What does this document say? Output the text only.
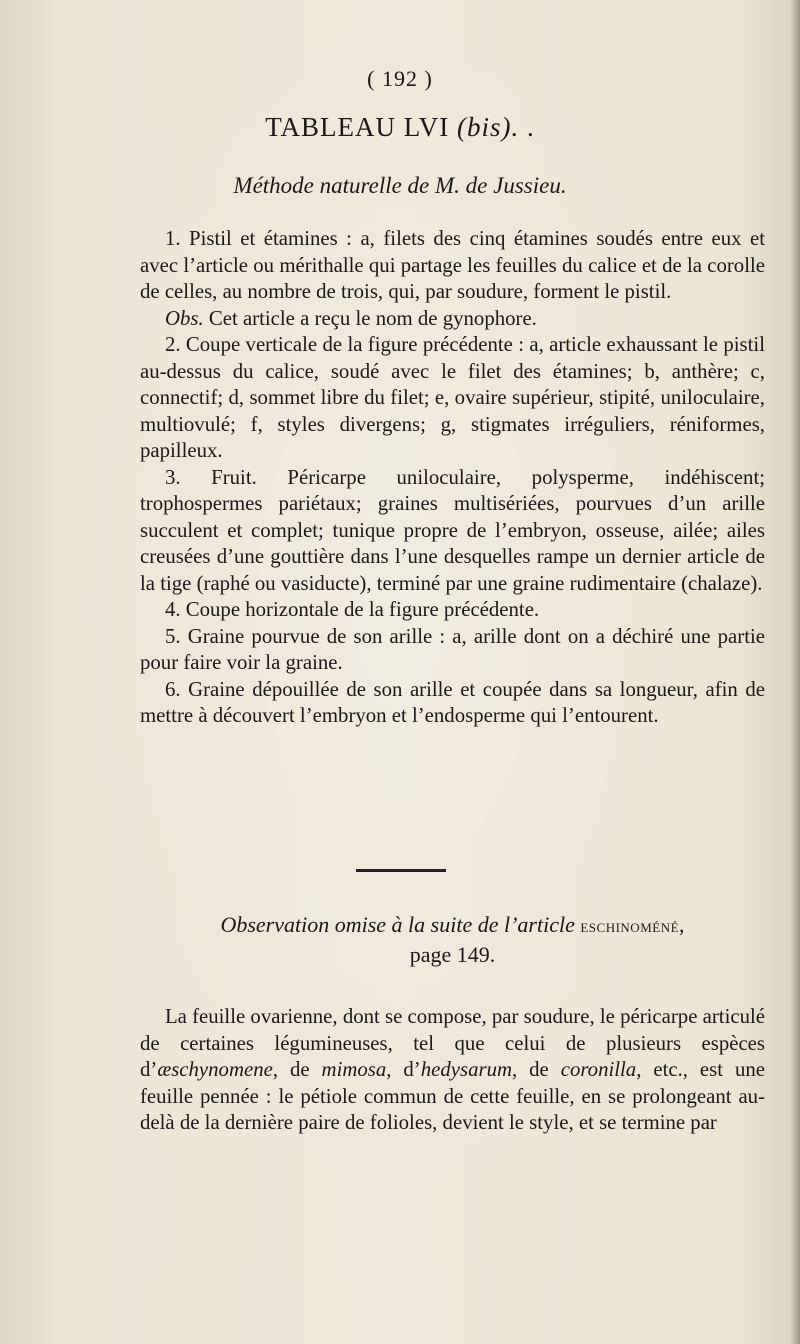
( 192 )
TABLEAU LVI (bis). .
Méthode naturelle de M. de Jussieu.

1. Pistil et étamines : a, filets des cinq étamines soudés entre eux et avec l’article ou mérithalle qui partage les feuilles du calice et de la corolle de celles, au nombre de trois, qui, par soudure, forment le pistil.

Obs. Cet article a reçu le nom de gynophore.

2. Coupe verticale de la figure précédente : a, article exhaussant le pistil au-dessus du calice, soudé avec le filet des étamines; b, anthère; c, connectif; d, sommet libre du filet; e, ovaire supérieur, stipité, uniloculaire, multiovulé; f, styles divergens; g, stigmates irréguliers, réniformes, papilleux.

3. Fruit. Péricarpe uniloculaire, polysperme, indéhiscent; trophospermes pariétaux; graines multisériées, pourvues d’un arille succulent et complet; tunique propre de l’embryon, osseuse, ailée; ailes creusées d’une gouttière dans l’une desquelles rampe un dernier article de la tige (raphé ou vasiducte), terminé par une graine rudimentaire (chalaze).

4. Coupe horizontale de la figure précédente.

5. Graine pourvue de son arille : a, arille dont on a déchiré une partie pour faire voir la graine.

6. Graine dépouillée de son arille et coupée dans sa longueur, afin de mettre à découvert l’embryon et l’endosperme qui l’entourent.

Observation omise à la suite de l’article eschinoméné,
page 149.

La feuille ovarienne, dont se compose, par soudure, le péricarpe articulé de certaines légumineuses, tel que celui de plusieurs espèces d’æschynomene, de mimosa, d’hedysarum, de coronilla, etc., est une feuille pennée : le pétiole commun de cette feuille, en se prolongeant au-delà de la dernière paire de folioles, devient le style, et se termine par
